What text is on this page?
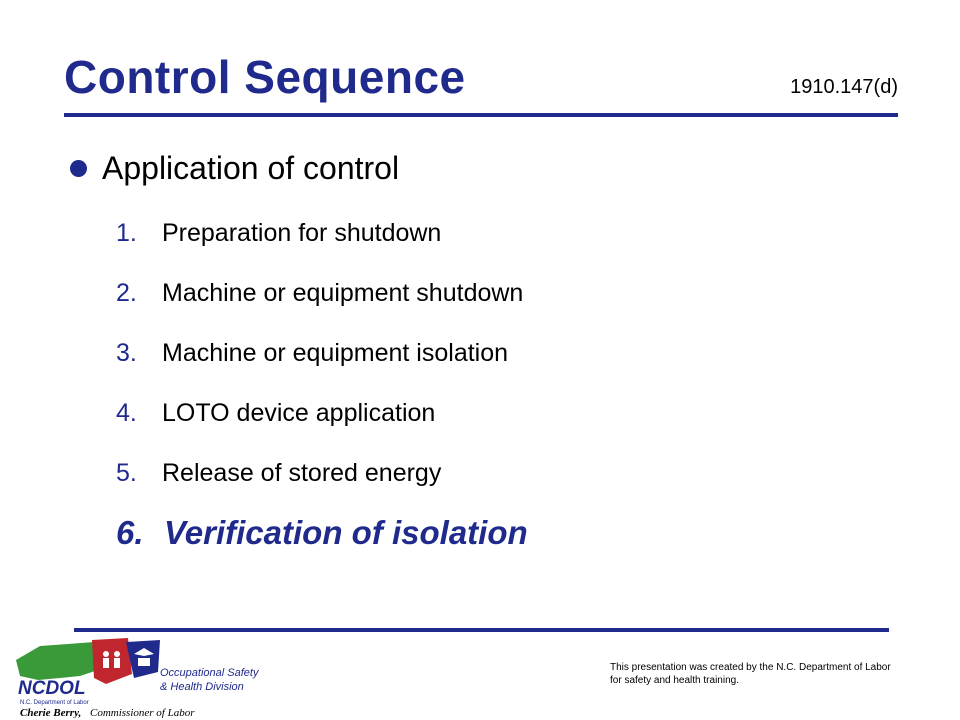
Control Sequence	1910.147(d)
Application of control
1.	Preparation for shutdown
2.	Machine or equipment shutdown
3.	Machine or equipment isolation
4.	LOTO device application
5.	Release of stored energy
6. Verification of isolation
NCDOL
N.C. Department of Labor
Occupational Safety
& Health Division
Cherie Berry, Commissioner of Labor
This presentation was created by the N.C. Department of Labor for safety and health training.
